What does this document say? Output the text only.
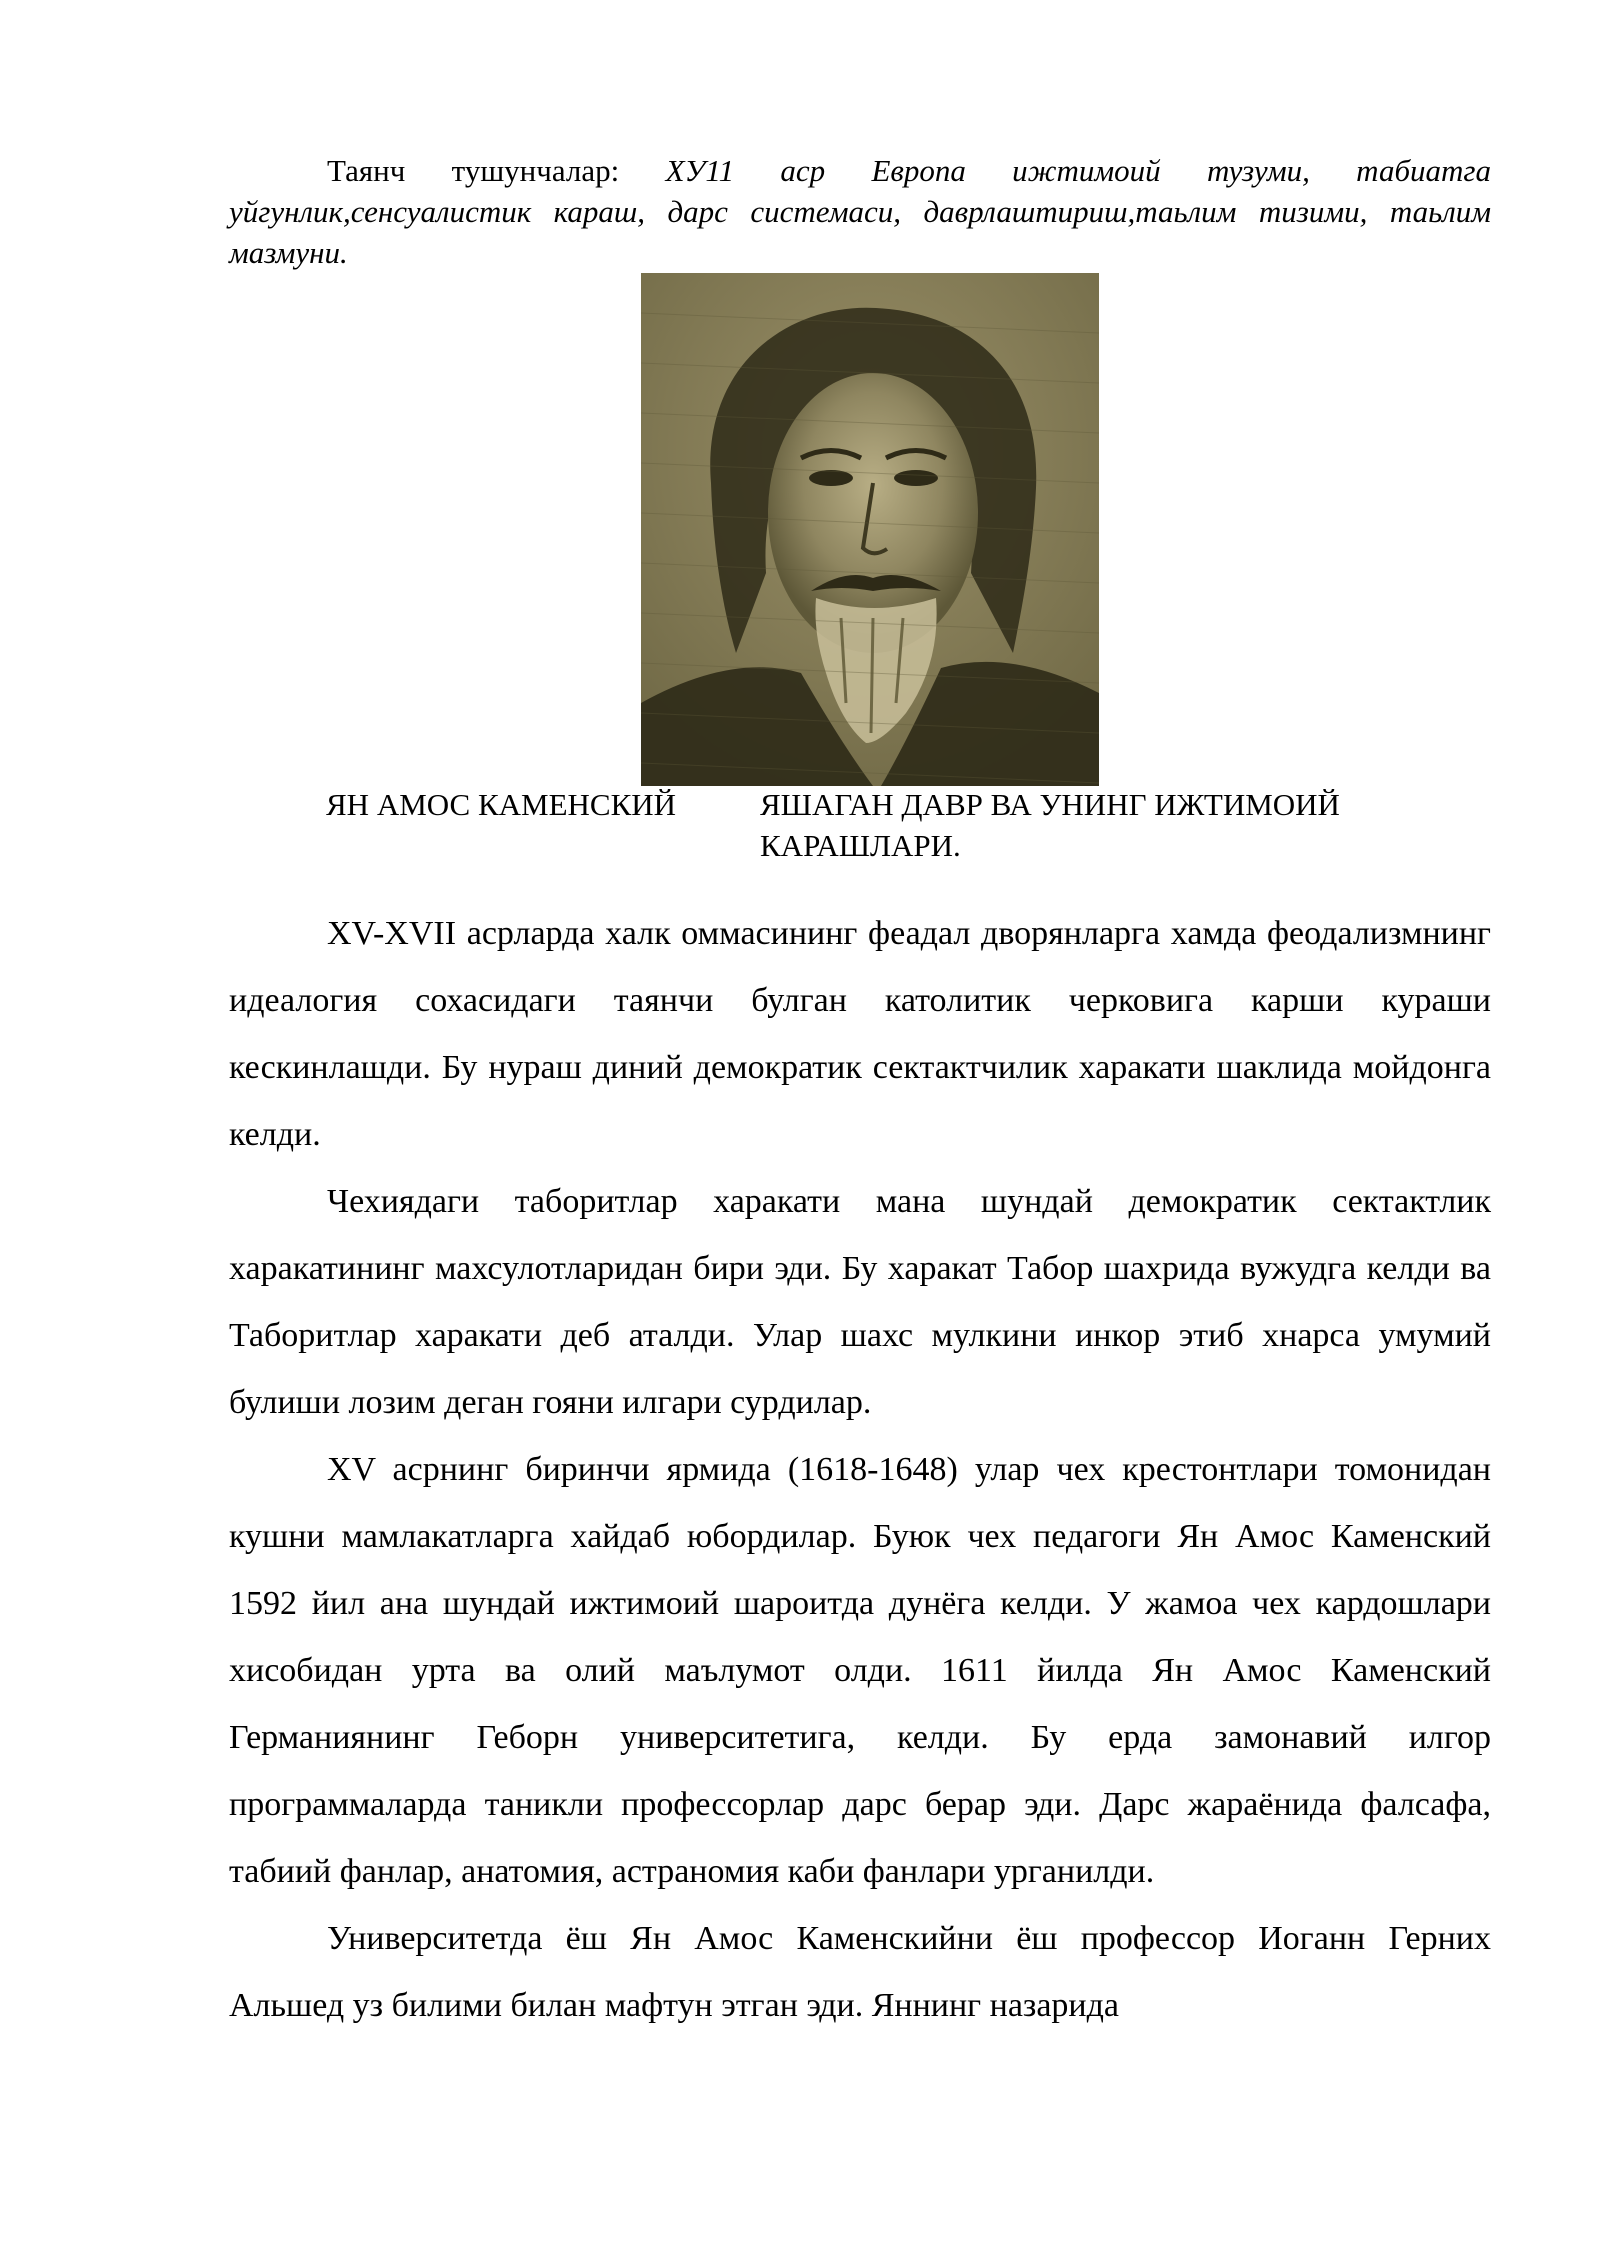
Таянч тушунчалар: ХУ11 аср Европа ижтимоий тузуми, табиатга уйгунлик,сенсуалистик караш, дарс системаси, даврлаштириш,таьлим тизими, таьлим мазмуни.
ЯН АМОС КАМЕНСКИЙ	ЯШАГАН ДАВР ВА УНИНГ ИЖТИМОИЙ
КАРАШЛАРИ.

XV-XVII асрларда халк оммасининг феадал дворянларга хамда феодализмнинг идеалогия сохасидаги таянчи булган католитик черковига карши кураши кескинлашди. Бу нураш диний демократик сектактчилик харакати шаклида мойдонга келди.

Чехиядаги таборитлар харакати мана шундай демократик сектактлик харакатининг махсулотларидан бири эди. Бу харакат Табор шахрида вужудга келди ва Таборитлар харакати деб аталди. Улар шахс мулкини инкор этиб хнарса умумий булиши лозим деган гояни илгари сурдилар.

XV асрнинг биринчи ярмида (1618-1648) улар чех крестонтлари томонидан кушни мамлакатларга хайдаб юбордилар. Буюк чех педагоги Ян Амос Каменский 1592 йил ана шундай ижтимоий шароитда дунёга келди. У жамоа чех кардошлари хисобидан урта ва олий маълумот олди. 1611 йилда Ян Амос Каменский Германиянинг Геборн университетига, келди. Бу ерда замонавий илгор программаларда таникли профессорлар дарс берар эди. Дарс жараёнида фалсафа, табиий фанлар, анатомия, астраномия каби фанлари урганилди.

Университетда ёш Ян Амос Каменскийни ёш профессор Иоганн Герних Альшед уз билими билан мафтун этган эди. Яннинг назарида
